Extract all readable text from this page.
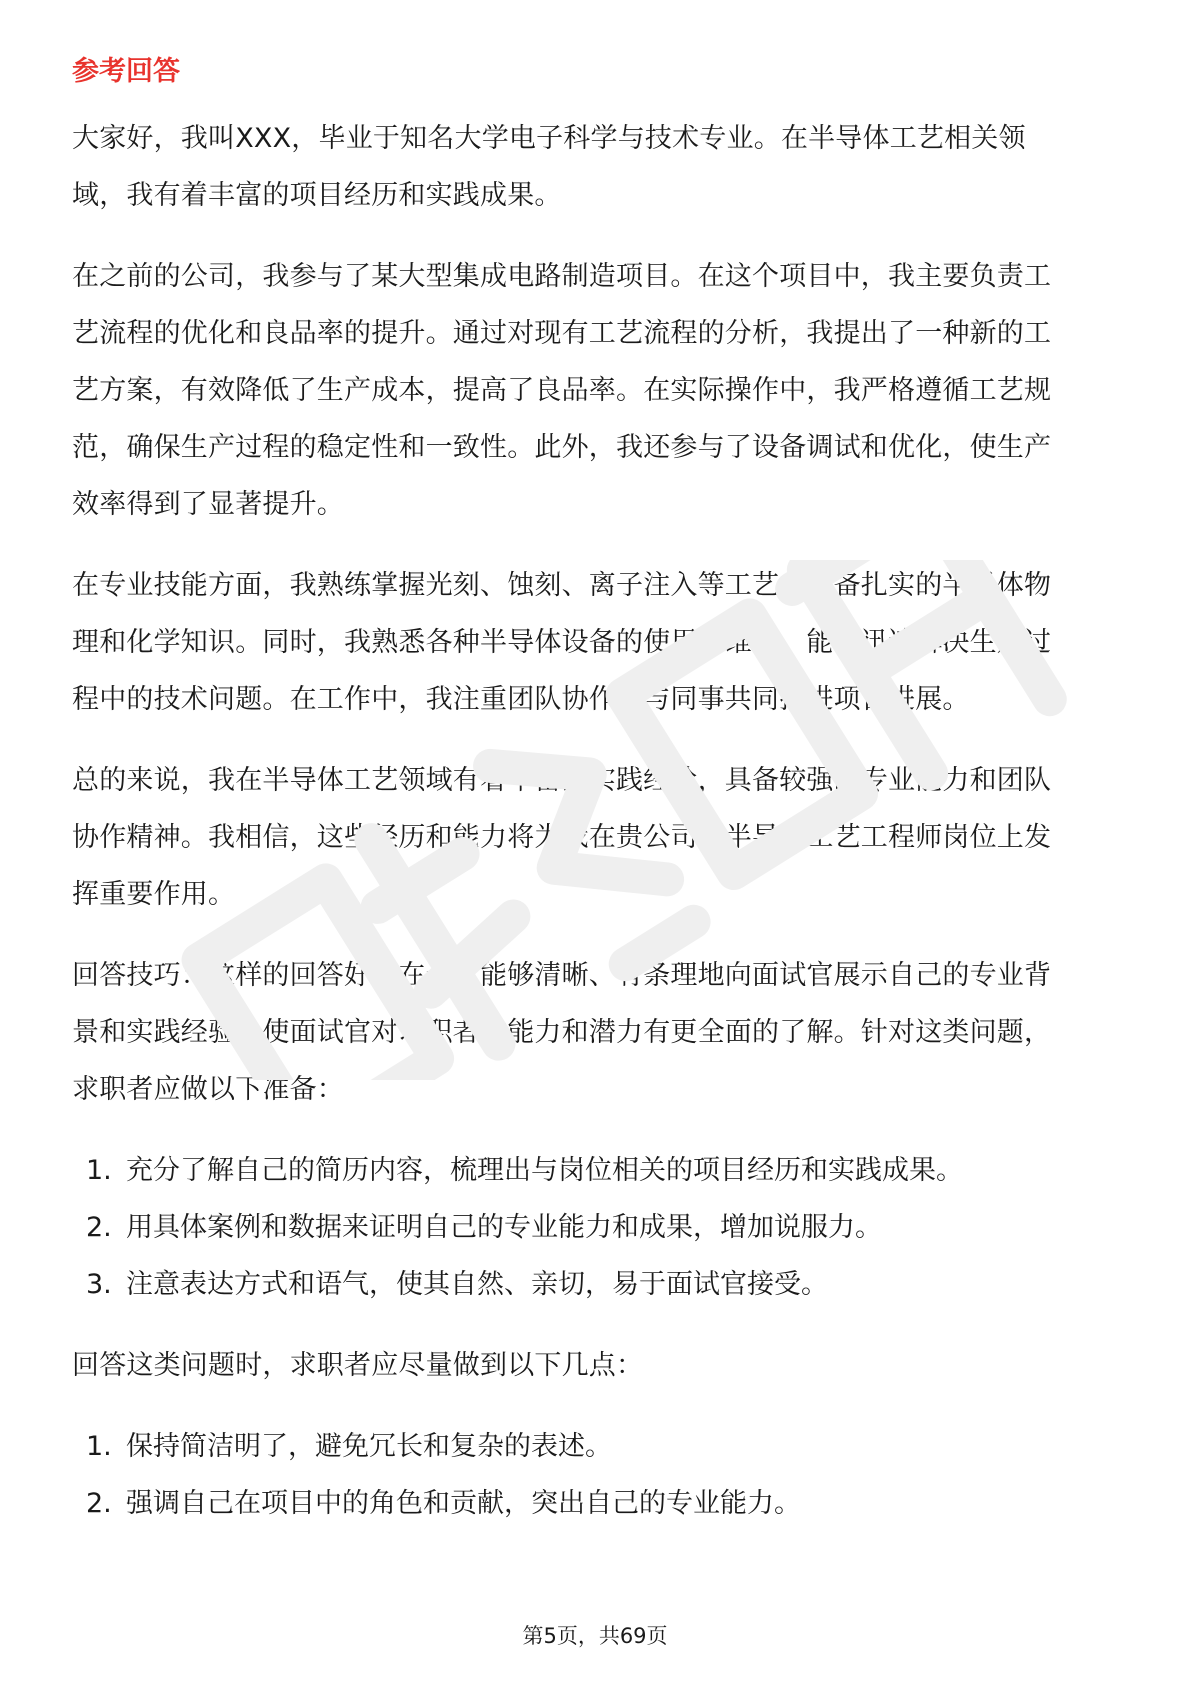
参考回答

大家好，我叫XXX，毕业于知名大学电子科学与技术专业。在半导体工艺相关领域，我有着丰富的项目经历和实践成果。

在之前的公司，我参与了某大型集成电路制造项目。在这个项目中，我主要负责工艺流程的优化和良品率的提升。通过对现有工艺流程的分析，我提出了一种新的工艺方案，有效降低了生产成本，提高了良品率。在实际操作中，我严格遵循工艺规范，确保生产过程的稳定性和一致性。此外，我还参与了设备调试和优化，使生产效率得到了显著提升。

在专业技能方面，我熟练掌握光刻、蚀刻、离子注入等工艺，具备扎实的半导体物理和化学知识。同时，我熟悉各种半导体设备的使用和维护，能够迅速解决生产过程中的技术问题。在工作中，我注重团队协作，与同事共同推进项目进展。

总的来说，我在半导体工艺领域有着丰富的实践经验，具备较强的专业能力和团队协作精神。我相信，这些经历和能力将为我在贵公司的半导体工艺工程师岗位上发挥重要作用。

回答技巧：这样的回答好处在于，能够清晰、有条理地向面试官展示自己的专业背景和实践经验，使面试官对求职者的能力和潜力有更全面的了解。针对这类问题，求职者应做以下准备：

1. 充分了解自己的简历内容，梳理出与岗位相关的项目经历和实践成果。
2. 用具体案例和数据来证明自己的专业能力和成果，增加说服力。
3. 注意表达方式和语气，使其自然、亲切，易于面试官接受。

回答这类问题时，求职者应尽量做到以下几点：

1. 保持简洁明了，避免冗长和复杂的表述。
2. 强调自己在项目中的角色和贡献，突出自己的专业能力。
第5页，共69页
